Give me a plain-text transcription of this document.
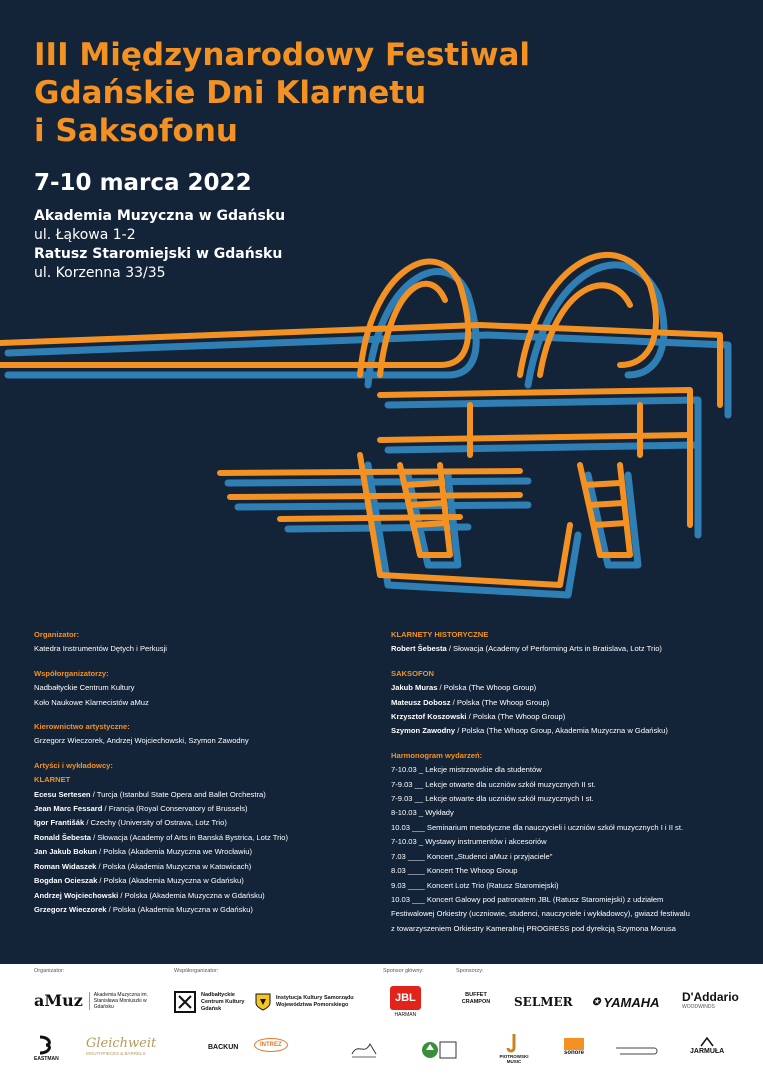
III Międzynarodowy Festiwal
Gdańskie Dni Klarnetu
i Saksofonu
7-10 marca 2022
Akademia Muzyczna w Gdańsku
ul. Łąkowa 1-2
Ratusz Staromiejski w Gdańsku
ul. Korzenna 33/35
Organizator:
Katedra Instrumentów Dętych i Perkusji
Współorganizatorzy:
Nadbałtyckie Centrum Kultury
Koło Naukowe Klarnecistów aMuz
Kierownictwo artystyczne:
Grzegorz Wieczorek, Andrzej Wojciechowski, Szymon Zawodny
Artyści i wykładowcy:
KLARNET
Ecesu Sertesen / Turcja (Istanbul State Opera and Ballet Orchestra)
Jean Marc Fessard / Francja (Royal Conservatory of Brussels)
Igor Františák / Czechy (University of Ostrava, Lotz Trio)
Ronald Šebesta / Słowacja (Academy of Arts in Banská Bystrica, Lotz Trio)
Jan Jakub Bokun / Polska (Akademia Muzyczna we Wrocławiu)
Roman Widaszek / Polska (Akademia Muzyczna w Katowicach)
Bogdan Ocieszak / Polska (Akademia Muzyczna w Gdańsku)
Andrzej Wojciechowski / Polska (Akademia Muzyczna w Gdańsku)
Grzegorz Wieczorek / Polska (Akademia Muzyczna w Gdańsku)
KLARNETY HISTORYCZNE
Robert Šebesta / Słowacja (Academy of Performing Arts in Bratislava, Lotz Trio)
SAKSOFON
Jakub Muras / Polska (The Whoop Group)
Mateusz Dobosz / Polska (The Whoop Group)
Krzysztof Koszowski / Polska (The Whoop Group)
Szymon Zawodny / Polska (The Whoop Group, Akademia Muzyczna w Gdańsku)
Harmonogram wydarzeń:
7-10.03 _ Lekcje mistrzowskie dla studentów
7-9.03 __ Lekcje otwarte dla uczniów szkół muzycznych II st.
7-9.03 __ Lekcje otwarte dla uczniów szkół muzycznych I st.
8-10.03 _ Wykłady
10.03 ___ Seminarium metodyczne dla nauczycieli i uczniów szkół muzycznych I i II st.
7-10.03 _ Wystawy instrumentów i akcesoriów
7.03 ____ Koncert „Studenci aMuz i przyjaciele"
8.03 ____ Koncert The Whoop Group
9.03 ____ Koncert Lotz Trio (Ratusz Staromiejski)
10.03 ___ Koncert Galowy pod patronatem JBL (Ratusz Staromiejski) z udziałem
Festiwalowej Orkiestry (uczniowie, studenci, nauczyciele i wykładowcy), gwiazd festiwalu
z towarzyszeniem Orkiestry Kameralnej PROGRESS pod dyrekcją Szymona Morusa
Organizator:	Współorganizator:	Sponsor główny:	Sponsorzy:
aMuz	Akademia Muzyczna im. Stanisława Moniuszki w Gdańsku
Nadbałtyckie Centrum Kultury Gdańsk
Instytucja Kultury Samorządu Województwa Pomorskiego
JBL
HARMAN
BUFFET CRAMPON	SELMER ✪ YAMAHA D'Addario
WOODWINDS
EASTMAN
Gleichweit
MOUTHPIECES & BARRELS
BACKUN	INTREZ
PIOTROWSKI MUSIC
sonore	JARMUŁA
